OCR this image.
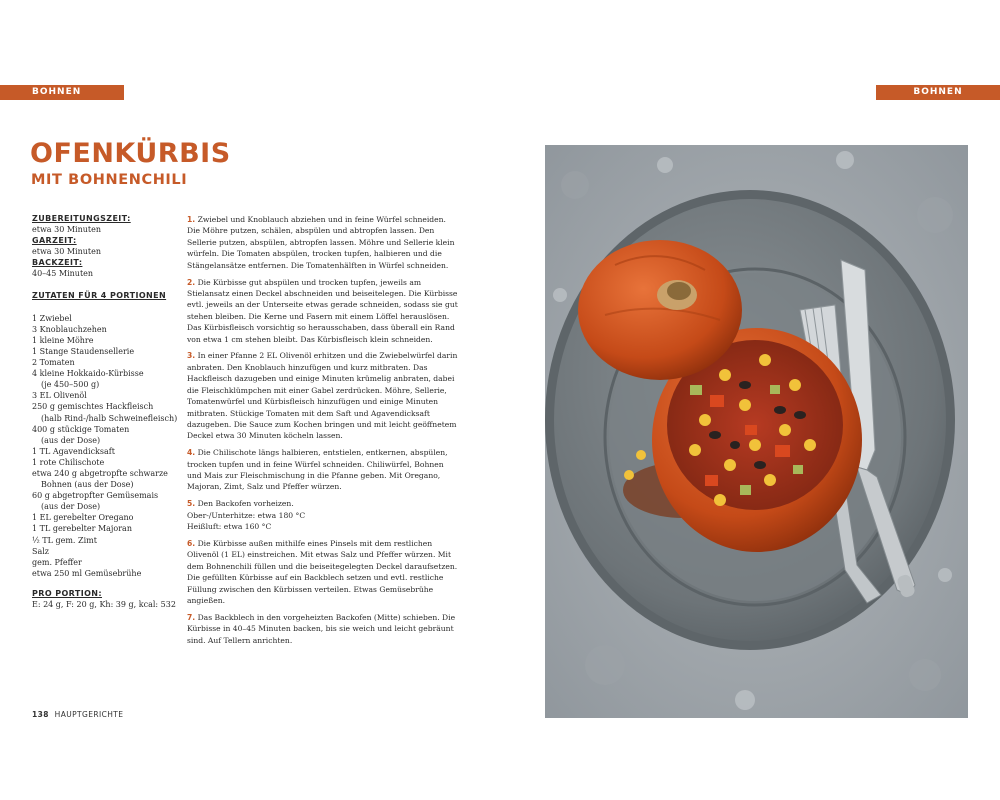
BOHNEN	BOHNEN
OFENKÜRBIS
MIT BOHNENCHILI
ZUBEREITUNGSZEIT:
etwa 30 Minuten
GARZEIT:
etwa 30 Minuten
BACKZEIT:
40–45 Minuten
ZUTATEN FÜR 4 PORTIONEN
1 Zwiebel
3 Knoblauchzehen
1 kleine Möhre
1 Stange Staudensellerie
2 Tomaten
4 kleine Hokkaido-Kürbisse
(je 450–500 g)
3 EL Olivenöl
250 g gemischtes Hackfleisch
(halb Rind-/halb Schweinefleisch)
400 g stückige Tomaten
(aus der Dose)
1 TL Agavendicksaft
1 rote Chilischote
etwa 240 g abgetropfte schwarze
Bohnen (aus der Dose)
60 g abgetropfter Gemüsemais
(aus der Dose)
1 EL gerebelter Oregano
1 TL gerebelter Majoran
½ TL gem. Zimt
Salz
gem. Pfeffer
etwa 250 ml Gemüsebrühe
PRO PORTION:
E: 24 g, F: 20 g, Kh: 39 g, kcal: 532

1. Zwiebel und Knoblauch abziehen und in feine Würfel schneiden. Die Möhre putzen, schälen, abspülen und abtropfen lassen. Den Sellerie putzen, abspülen, abtropfen lassen. Möhre und Sellerie klein würfeln. Die Tomaten abspülen, trocken tupfen, halbieren und die Stängelansätze entfernen. Die Tomatenhälften in Würfel schneiden.

2. Die Kürbisse gut abspülen und trocken tupfen, jeweils am Stielansatz einen Deckel abschneiden und beiseitelegen. Die Kürbisse evtl. jeweils an der Unterseite etwas gerade schneiden, sodass sie gut stehen bleiben. Die Kerne und Fasern mit einem Löffel herauslösen. Das Kürbisfleisch vorsichtig so herausschaben, dass überall ein Rand von etwa 1 cm stehen bleibt. Das Kürbisfleisch klein schneiden.

3. In einer Pfanne 2 EL Olivenöl erhitzen und die Zwiebelwürfel darin anbraten. Den Knoblauch hinzufügen und kurz mitbraten. Das Hackfleisch dazugeben und einige Minuten krümelig anbraten, dabei die Fleischklümpchen mit einer Gabel zerdrücken. Möhre, Sellerie, Tomatenwürfel und Kürbisfleisch hinzufügen und einige Minuten mitbraten. Stückige Tomaten mit dem Saft und Agavendicksaft dazugeben. Die Sauce zum Kochen bringen und mit leicht geöffnetem Deckel etwa 30 Minuten köcheln lassen.

4. Die Chilischote längs halbieren, entstielen, entkernen, abspülen, trocken tupfen und in feine Würfel schneiden. Chiliwürfel, Bohnen und Mais zur Fleischmischung in die Pfanne geben. Mit Oregano, Majoran, Zimt, Salz und Pfeffer würzen.

5. Den Backofen vorheizen.
Ober-/Unterhitze: etwa 180 °C
Heißluft: etwa 160 °C

6. Die Kürbisse außen mithilfe eines Pinsels mit dem restlichen Olivenöl (1 EL) einstreichen. Mit etwas Salz und Pfeffer würzen. Mit dem Bohnenchili füllen und die beiseitegelegten Deckel daraufsetzen. Die gefüllten Kürbisse auf ein Backblech setzen und evtl. restliche Füllung zwischen den Kürbissen verteilen. Etwas Gemüsebrühe angießen.

7. Das Backblech in den vorgeheizten Backofen (Mitte) schieben. Die Kürbisse in 40–45 Minuten backen, bis sie weich und leicht gebräunt sind. Auf Tellern anrichten.

138 HAUPTGERICHTE
